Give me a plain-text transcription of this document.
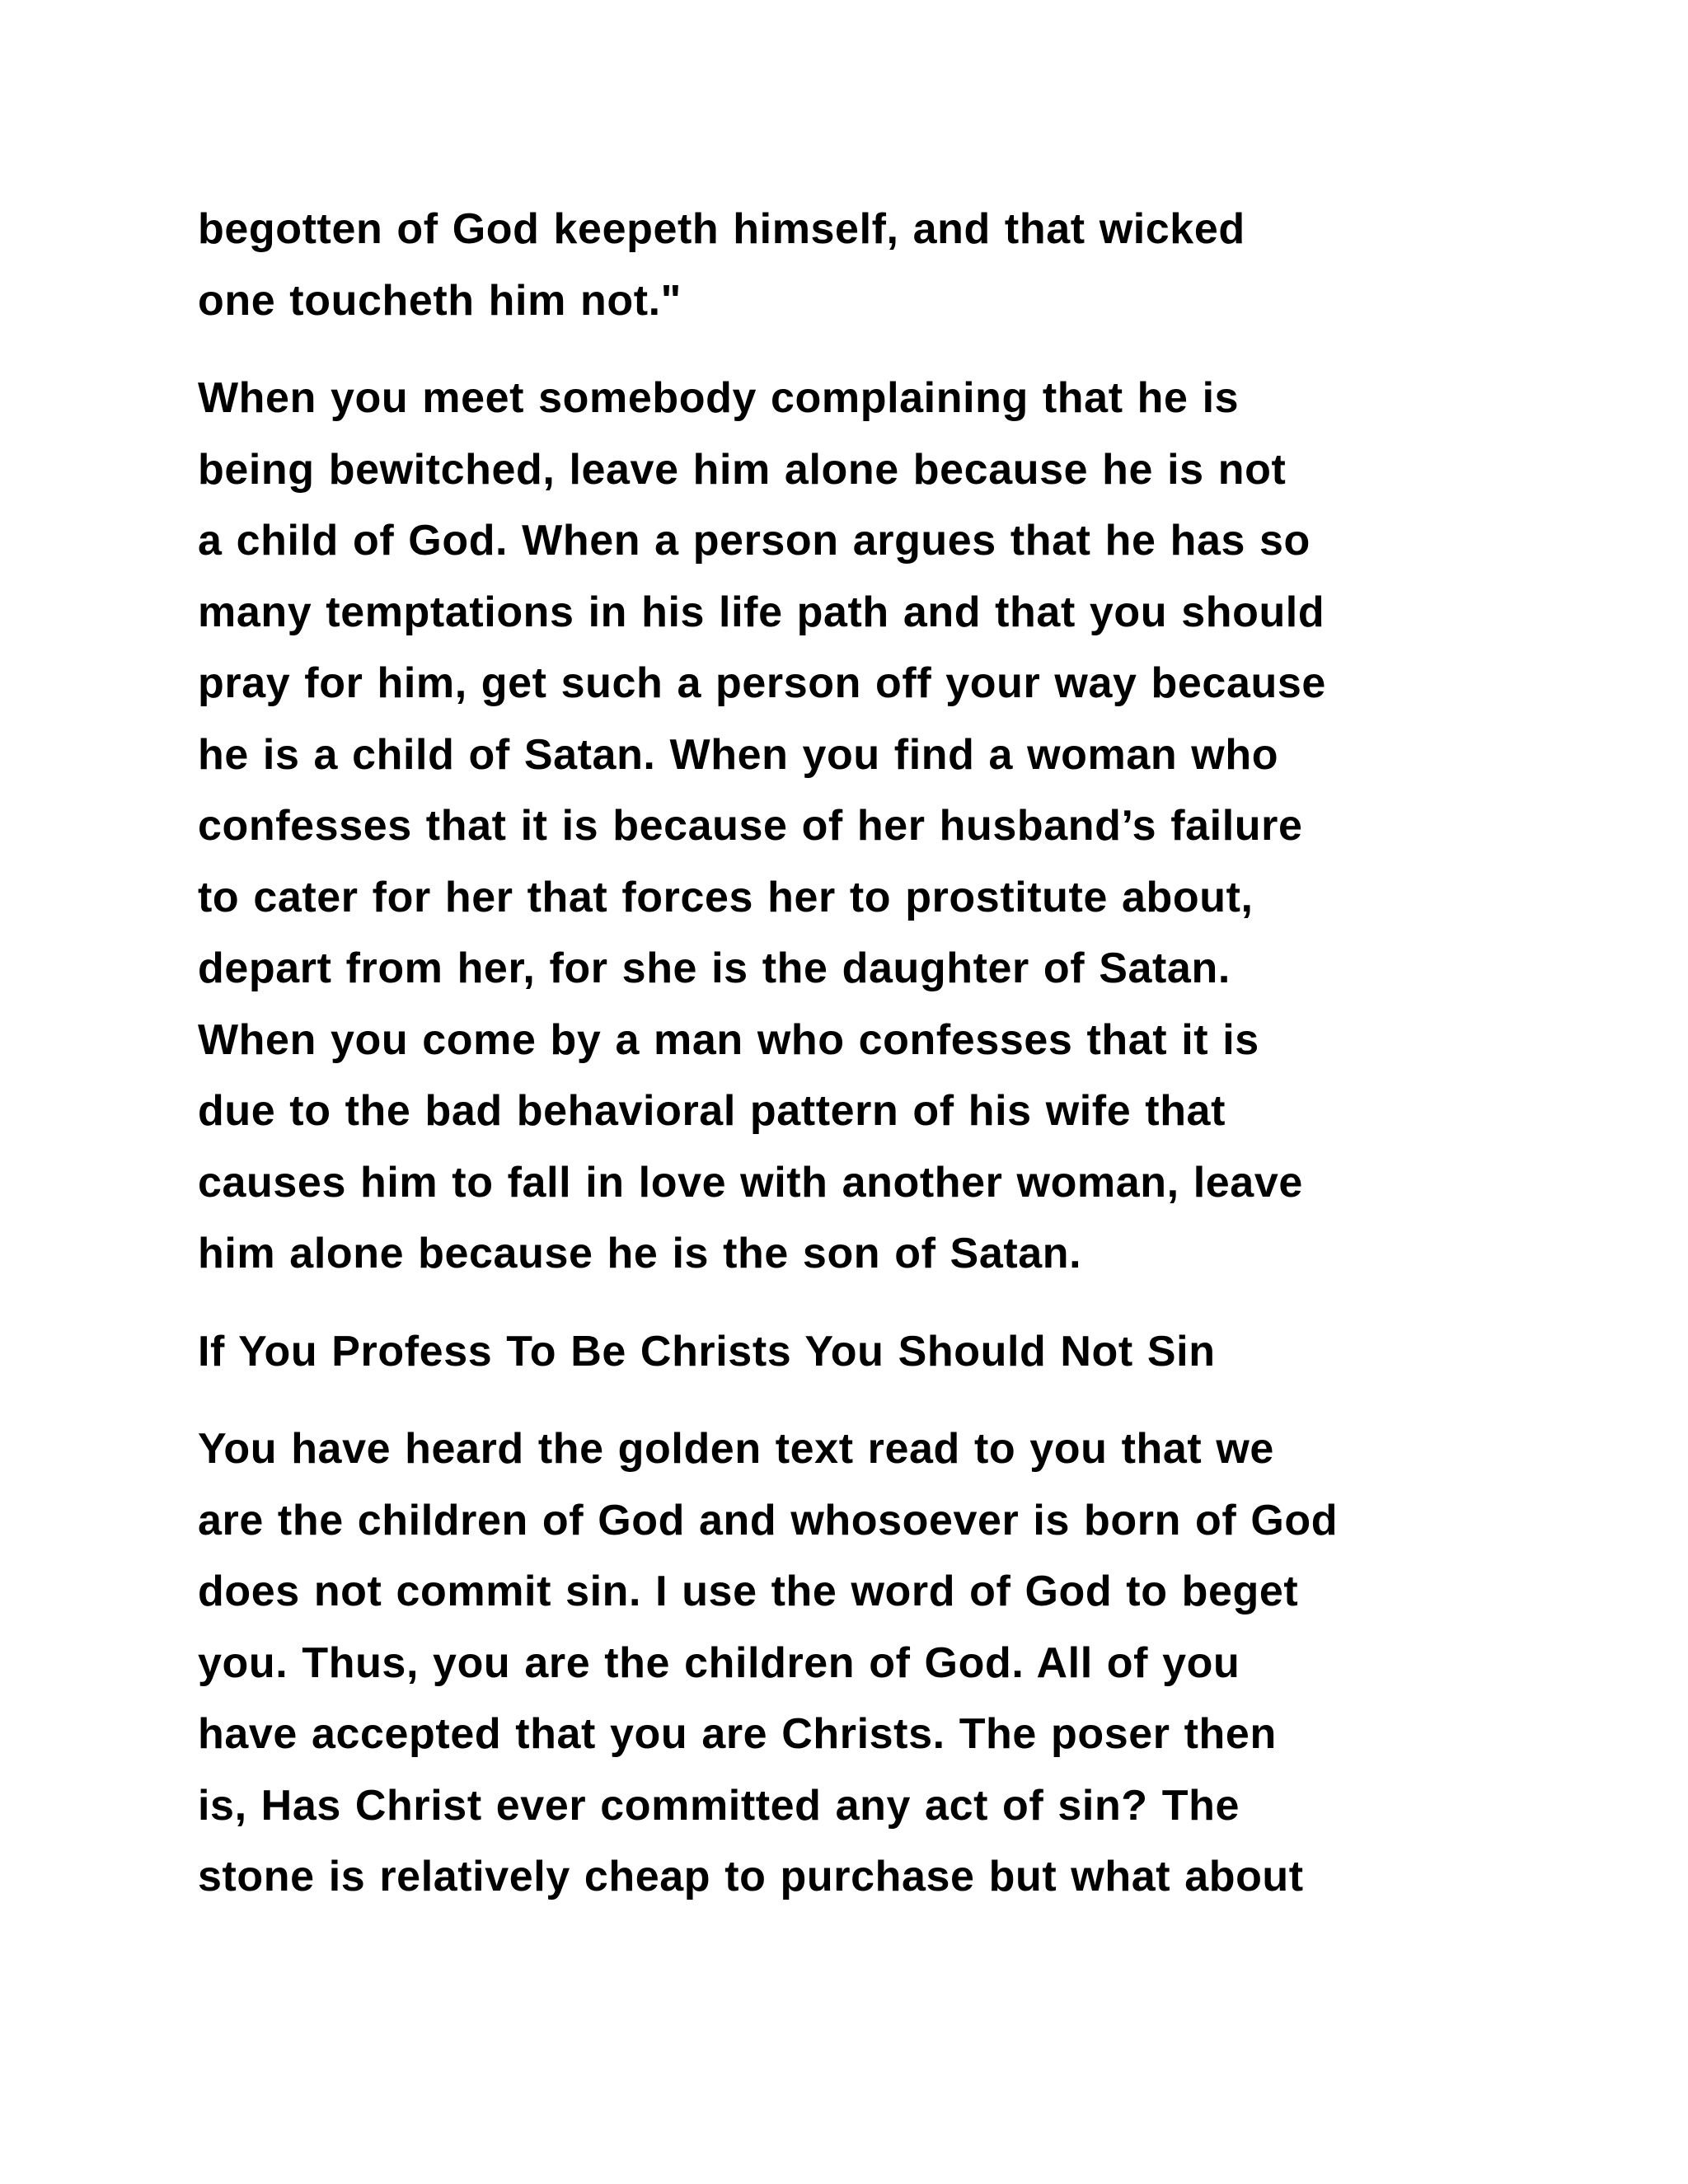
begotten of God keepeth himself, and that wicked
one toucheth him not."

When you meet somebody complaining that he is
being bewitched, leave him alone because he is not
a child of God. When a person argues that he has so
many temptations in his life path and that you should
pray for him, get such a person off your way because
he is a child of Satan. When you find a woman who
confesses that it is because of her husband’s failure
to cater for her that forces her to prostitute about,
depart from her, for she is the daughter of Satan.
When you come by a man who confesses that it is
due to the bad behavioral pattern of his wife that
causes him to fall in love with another woman, leave
him alone because he is the son of Satan.

If You Profess To Be Christs You Should Not Sin

You have heard the golden text read to you that we
are the children of God and whosoever is born of God
does not commit sin. I use the word of God to beget
you. Thus, you are the children of God. All of you
have accepted that you are Christs. The poser then
is, Has Christ ever committed any act of sin? The
stone is relatively cheap to purchase but what about
